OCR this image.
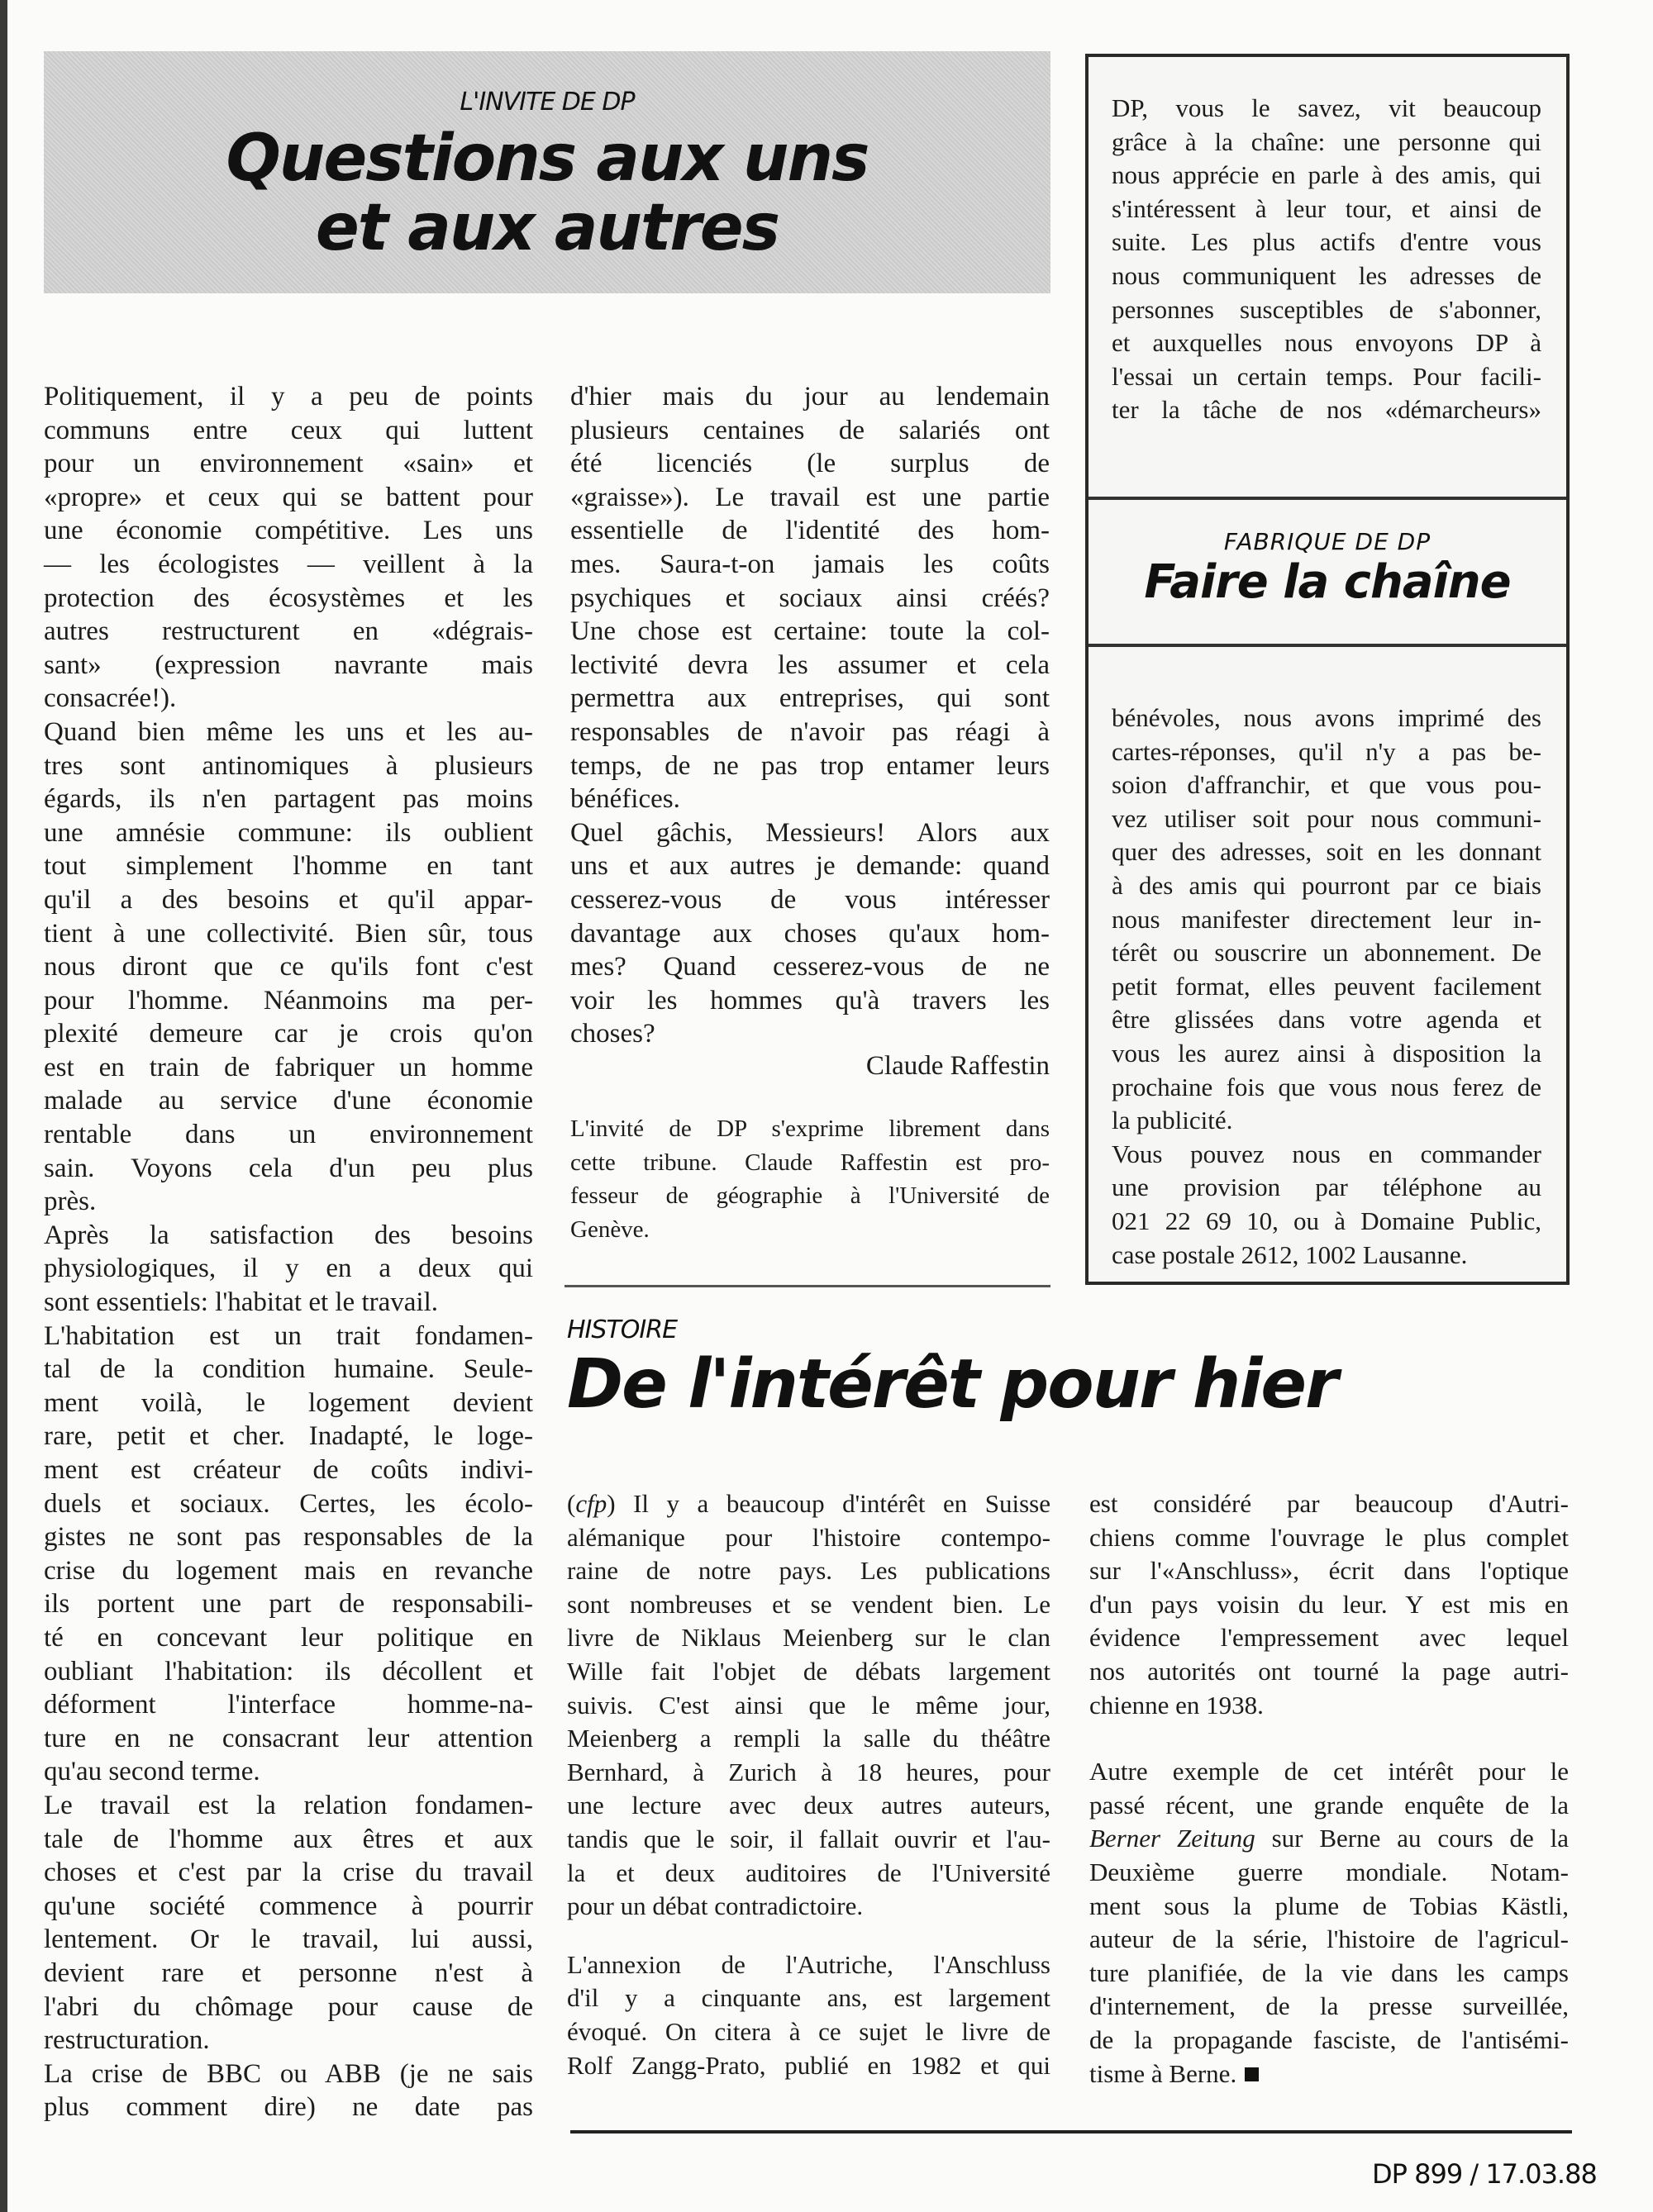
L'INVITE DE DP
Questions aux uns
et aux autres
Politiquement, il y a peu de points
communs entre ceux qui luttent
pour un environnement «sain» et
«propre» et ceux qui se battent pour
une économie compétitive. Les uns
— les écologistes — veillent à la
protection des écosystèmes et les
autres restructurent en «dégrais-
sant» (expression navrante mais
consacrée!).
Quand bien même les uns et les au-
tres sont antinomiques à plusieurs
égards, ils n'en partagent pas moins
une amnésie commune: ils oublient
tout simplement l'homme en tant
qu'il a des besoins et qu'il appar-
tient à une collectivité. Bien sûr, tous
nous diront que ce qu'ils font c'est
pour l'homme. Néanmoins ma per-
plexité demeure car je crois qu'on
est en train de fabriquer un homme
malade au service d'une économie
rentable dans un environnement
sain. Voyons cela d'un peu plus
près.
Après la satisfaction des besoins
physiologiques, il y en a deux qui
sont essentiels: l'habitat et le travail.
L'habitation est un trait fondamen-
tal de la condition humaine. Seule-
ment voilà, le logement devient
rare, petit et cher. Inadapté, le loge-
ment est créateur de coûts indivi-
duels et sociaux. Certes, les écolo-
gistes ne sont pas responsables de la
crise du logement mais en revanche
ils portent une part de responsabili-
té en concevant leur politique en
oubliant l'habitation: ils décollent et
déforment l'interface homme-na-
ture en ne consacrant leur attention
qu'au second terme.
Le travail est la relation fondamen-
tale de l'homme aux êtres et aux
choses et c'est par la crise du travail
qu'une société commence à pourrir
lentement. Or le travail, lui aussi,
devient rare et personne n'est à
l'abri du chômage pour cause de
restructuration.
La crise de BBC ou ABB (je ne sais
plus comment dire) ne date pas
d'hier mais du jour au lendemain
plusieurs centaines de salariés ont
été licenciés (le surplus de
«graisse»). Le travail est une partie
essentielle de l'identité des hom-
mes. Saura-t-on jamais les coûts
psychiques et sociaux ainsi créés?
Une chose est certaine: toute la col-
lectivité devra les assumer et cela
permettra aux entreprises, qui sont
responsables de n'avoir pas réagi à
temps, de ne pas trop entamer leurs
bénéfices.
Quel gâchis, Messieurs! Alors aux
uns et aux autres je demande: quand
cesserez-vous de vous intéresser
davantage aux choses qu'aux hom-
mes? Quand cesserez-vous de ne
voir les hommes qu'à travers les
choses?
Claude Raffestin
L'invité de DP s'exprime librement dans
cette tribune. Claude Raffestin est pro-
fesseur de géographie à l'Université de
Genève.
DP, vous le savez, vit beaucoup
grâce à la chaîne: une personne qui
nous apprécie en parle à des amis, qui
s'intéressent à leur tour, et ainsi de
suite. Les plus actifs d'entre vous
nous communiquent les adresses de
personnes susceptibles de s'abonner,
et auxquelles nous envoyons DP à
l'essai un certain temps. Pour facili-
ter la tâche de nos «démarcheurs»
FABRIQUE DE DP
Faire la chaîne
bénévoles, nous avons imprimé des
cartes-réponses, qu'il n'y a pas be-
soion d'affranchir, et que vous pou-
vez utiliser soit pour nous communi-
quer des adresses, soit en les donnant
à des amis qui pourront par ce biais
nous manifester directement leur in-
térêt ou souscrire un abonnement. De
petit format, elles peuvent facilement
être glissées dans votre agenda et
vous les aurez ainsi à disposition la
prochaine fois que vous nous ferez de
la publicité.
Vous pouvez nous en commander
une provision par téléphone au
021 22 69 10, ou à Domaine Public,
case postale 2612, 1002 Lausanne.
HISTOIRE
De l'intérêt pour hier
(cfp) Il y a beaucoup d'intérêt en Suisse
alémanique pour l'histoire contempo-
raine de notre pays. Les publications
sont nombreuses et se vendent bien. Le
livre de Niklaus Meienberg sur le clan
Wille fait l'objet de débats largement
suivis. C'est ainsi que le même jour,
Meienberg a rempli la salle du théâtre
Bernhard, à Zurich à 18 heures, pour
une lecture avec deux autres auteurs,
tandis que le soir, il fallait ouvrir et l'au-
la et deux auditoires de l'Université
pour un débat contradictoire.
L'annexion de l'Autriche, l'Anschluss
d'il y a cinquante ans, est largement
évoqué. On citera à ce sujet le livre de
Rolf Zangg-Prato, publié en 1982 et qui
est considéré par beaucoup d'Autri-
chiens comme l'ouvrage le plus complet
sur l'«Anschluss», écrit dans l'optique
d'un pays voisin du leur. Y est mis en
évidence l'empressement avec lequel
nos autorités ont tourné la page autri-
chienne en 1938.
Autre exemple de cet intérêt pour le
passé récent, une grande enquête de la
Berner Zeitung sur Berne au cours de la
Deuxième guerre mondiale. Notam-
ment sous la plume de Tobias Kästli,
auteur de la série, l'histoire de l'agricul-
ture planifiée, de la vie dans les camps
d'internement, de la presse surveillée,
de la propagande fasciste, de l'antisémi-
tisme à Berne.
DP 899 / 17.03.88
